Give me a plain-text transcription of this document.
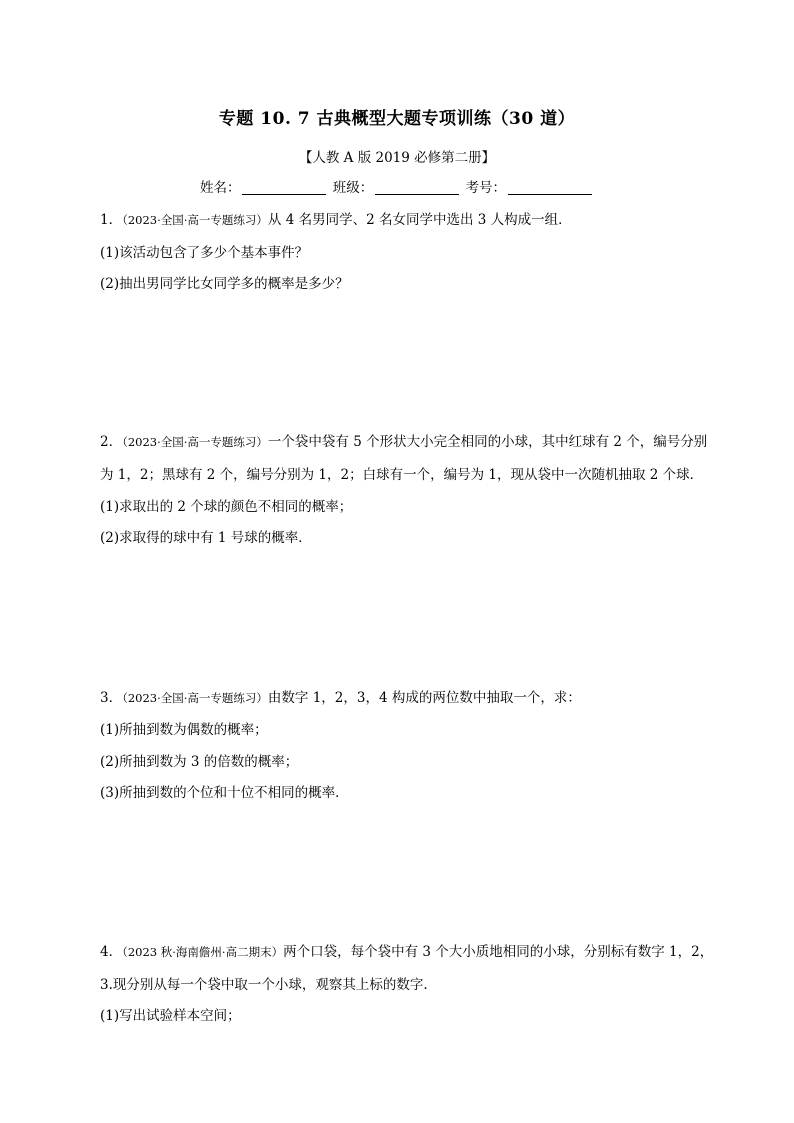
专题 10. 7 古典概型大题专项训练（30 道）
【人教 A 版 2019 必修第二册】
姓名：	班级：	考号：
1．（2023·全国·高一专题练习）从 4 名男同学、2 名女同学中选出 3 人构成一组．
(1)该活动包含了多少个基本事件？
(2)抽出男同学比女同学多的概率是多少？
2．（2023·全国·高一专题练习）一个袋中袋有 5 个形状大小完全相同的小球，其中红球有 2 个，编号分别
为 1，2；黑球有 2 个，编号分别为 1，2；白球有一个，编号为 1，现从袋中一次随机抽取 2 个球．
(1)求取出的 2 个球的颜色不相同的概率；
(2)求取得的球中有 1 号球的概率．
3．（2023·全国·高一专题练习）由数字 1，2，3，4 构成的两位数中抽取一个，求：
(1)所抽到数为偶数的概率；
(2)所抽到数为 3 的倍数的概率；
(3)所抽到数的个位和十位不相同的概率．
4．（2023 秋·海南儋州·高二期末）两个口袋，每个袋中有 3 个大小质地相同的小球，分别标有数字 1，2，
3.现分别从每一个袋中取一个小球，观察其上标的数字.
(1)写出试验样本空间；
